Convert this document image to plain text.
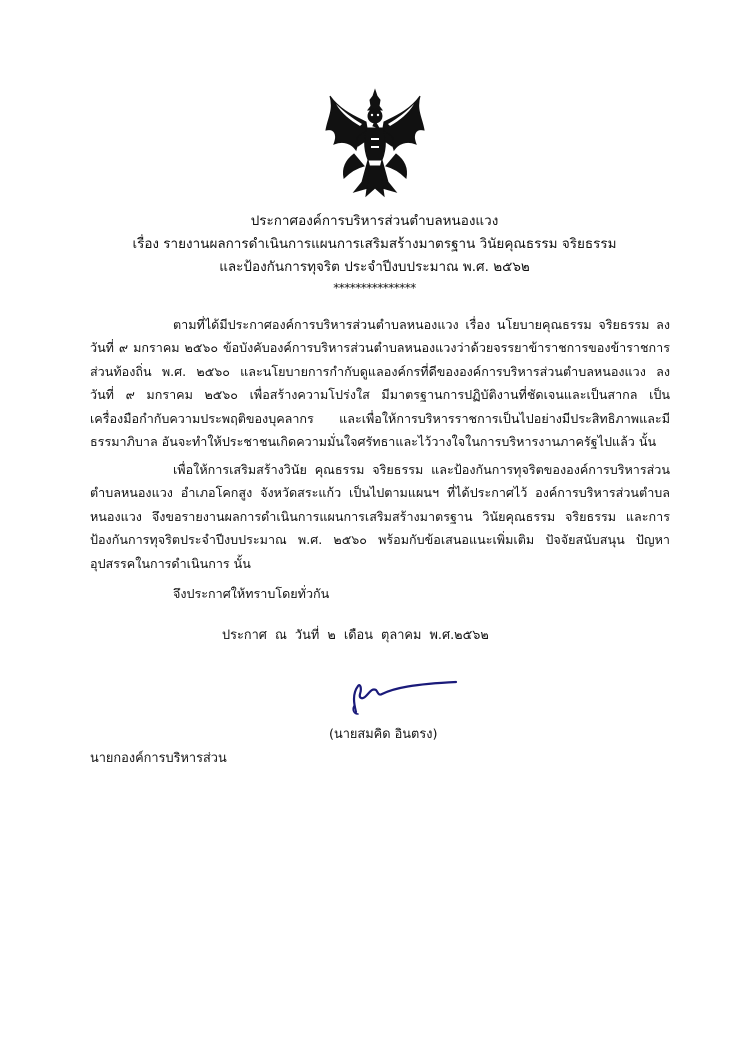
ประกาศองค์การบริหารส่วนตำบลหนองแวง
เรื่อง รายงานผลการดำเนินการแผนการเสริมสร้างมาตรฐาน วินัยคุณธรรม จริยธรรม
และป้องกันการทุจริต ประจำปีงบประมาณ พ.ศ. ๒๕๖๒
***************
ตามที่ได้มีประกาศองค์การบริหารส่วนตำบลหนองแวง เรื่อง นโยบายคุณธรรม จริยธรรม ลง
วันที่ ๙ มกราคม ๒๕๖๐ ข้อบังคับองค์การบริหารส่วนตำบลหนองแวงว่าด้วยจรรยาข้าราชการของข้าราชการ
ส่วนท้องถิ่น พ.ศ. ๒๕๖๐ และนโยบายการกำกับดูแลองค์กรที่ดีขององค์การบริหารส่วนตำบลหนองแวง ลง
วันที่ ๙ มกราคม ๒๕๖๐ เพื่อสร้างความโปร่งใส มีมาตรฐานการปฏิบัติงานที่ชัดเจนและเป็นสากล เป็น
เครื่องมือกำกับความประพฤติของบุคลากร และเพื่อให้การบริหารราชการเป็นไปอย่างมีประสิทธิภาพและมี
ธรรมาภิบาล อันจะทำให้ประชาชนเกิดความมั่นใจศรัทธาและไว้วางใจในการบริหารงานภาครัฐไปแล้ว นั้น
เพื่อให้การเสริมสร้างวินัย คุณธรรม จริยธรรม และป้องกันการทุจริตขององค์การบริหารส่วน
ตำบลหนองแวง อำเภอโคกสูง จังหวัดสระแก้ว เป็นไปตามแผนฯ ที่ได้ประกาศไว้ องค์การบริหารส่วนตำบล
หนองแวง จึงขอรายงานผลการดำเนินการแผนการเสริมสร้างมาตรฐาน วินัยคุณธรรม จริยธรรม และการ
ป้องกันการทุจริตประจำปีงบประมาณ พ.ศ. ๒๕๖๐ พร้อมกับข้อเสนอแนะเพิ่มเติม ปัจจัยสนับสนุน ปัญหา
อุปสรรคในการดำเนินการ นั้น
จึงประกาศให้ทราบโดยทั่วกัน
ประกาศ ณ วันที่ ๒ เดือน ตุลาคม พ.ศ.๒๕๖๒
(นายสมคิด อินตรง)
นายกองค์การบริหารส่วน
